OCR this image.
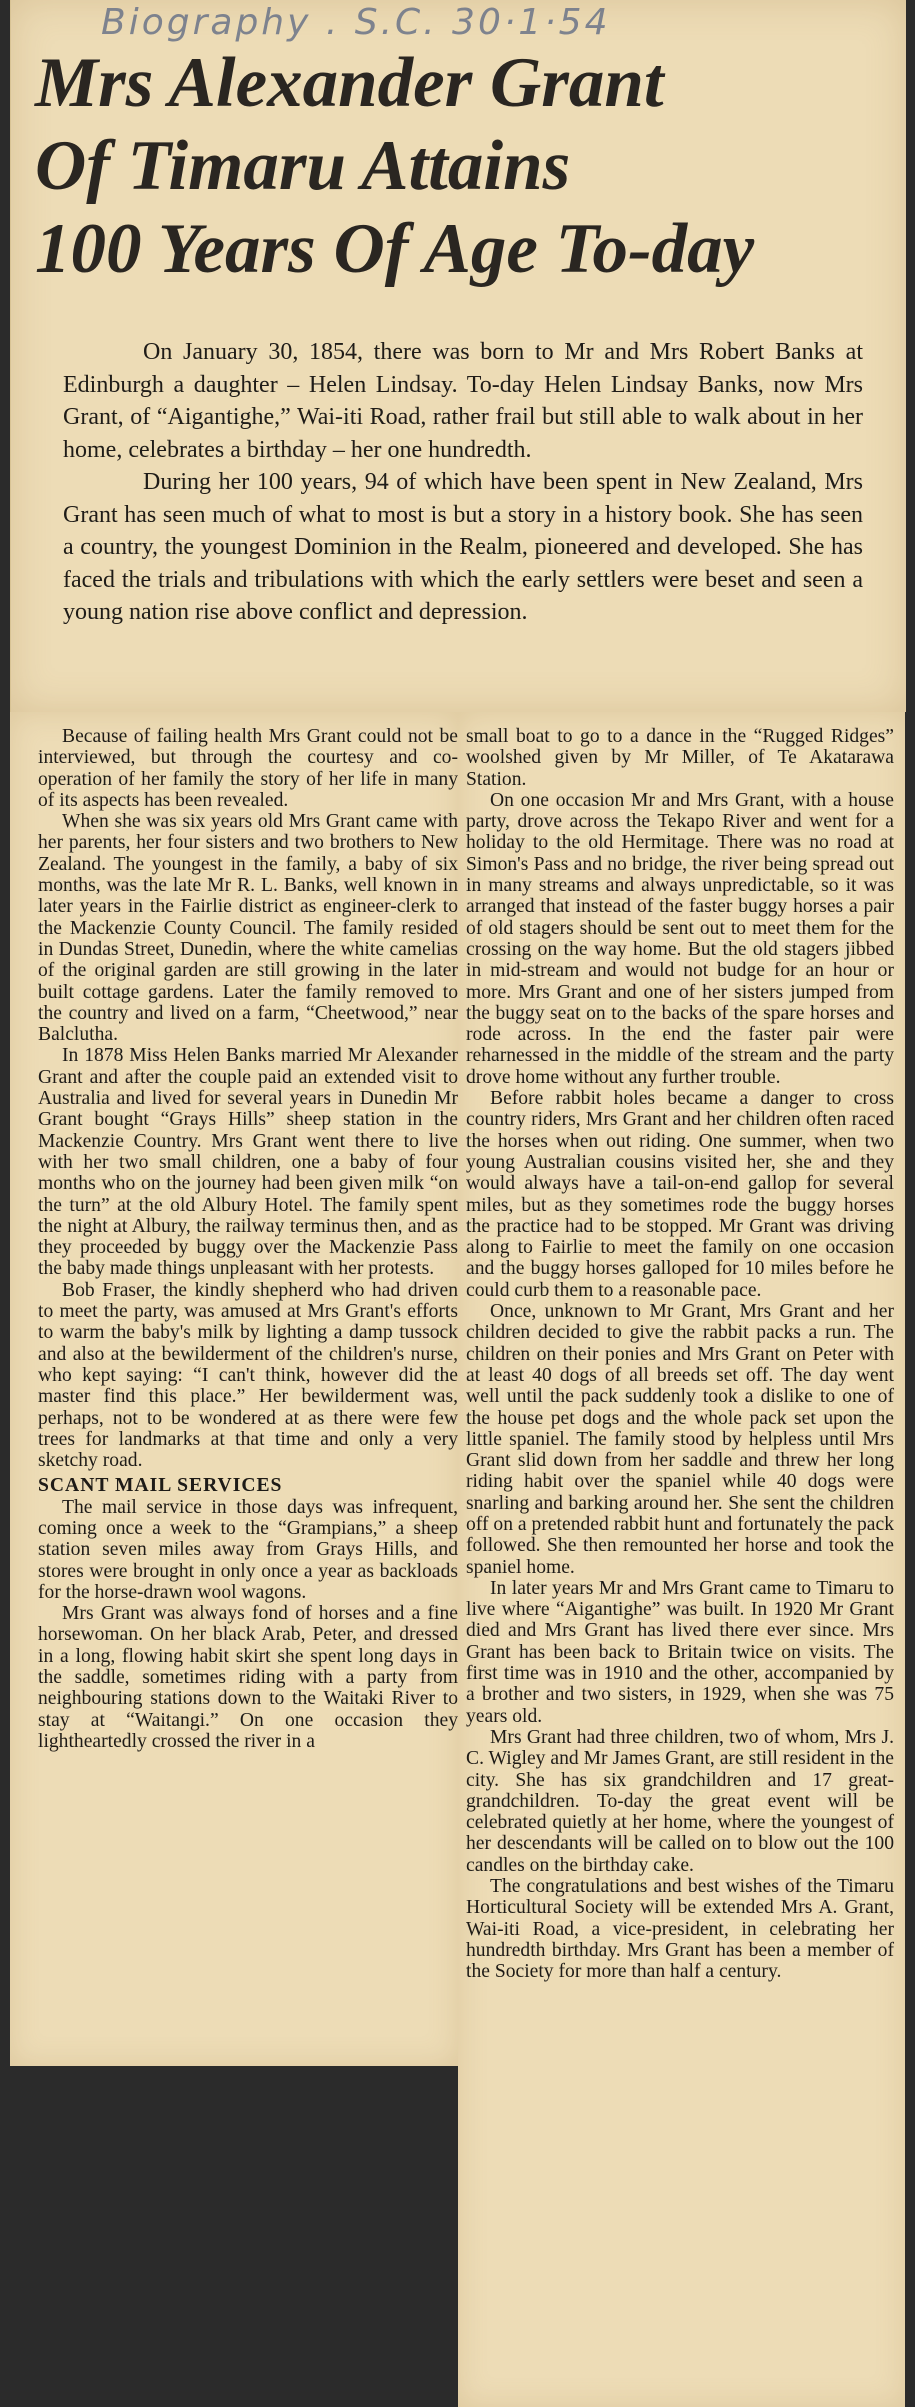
Biography . S.C. 30·1·54
Mrs Alexander Grant
Of Timaru Attains
100 Years Of Age To-day

On January 30, 1854, there was born to Mr and Mrs Robert Banks at Edinburgh a daughter – Helen Lindsay. To-day Helen Lindsay Banks, now Mrs Grant, of “Aigantighe,” Wai-iti Road, rather frail but still able to walk about in her home, celebrates a birthday – her one hundredth.

During her 100 years, 94 of which have been spent in New Zealand, Mrs Grant has seen much of what to most is but a story in a history book. She has seen a country, the youngest Dominion in the Realm, pioneered and developed. She has faced the trials and tribulations with which the early settlers were beset and seen a young nation rise above conflict and depression.

Because of failing health Mrs Grant could not be interviewed, but through the courtesy and co-operation of her family the story of her life in many of its aspects has been revealed.

When she was six years old Mrs Grant came with her parents, her four sisters and two brothers to New Zealand. The youngest in the family, a baby of six months, was the late Mr R. L. Banks, well known in later years in the Fairlie district as engineer-clerk to the Mackenzie County Council. The family resided in Dundas Street, Dunedin, where the white camelias of the original garden are still growing in the later built cottage gardens. Later the family removed to the country and lived on a farm, “Cheetwood,” near Balclutha.

In 1878 Miss Helen Banks married Mr Alexander Grant and after the couple paid an extended visit to Australia and lived for several years in Dunedin Mr Grant bought “Grays Hills” sheep station in the Mackenzie Country. Mrs Grant went there to live with her two small children, one a baby of four months who on the journey had been given milk “on the turn” at the old Albury Hotel. The family spent the night at Albury, the railway terminus then, and as they proceeded by buggy over the Mackenzie Pass the baby made things unpleasant with her protests.

Bob Fraser, the kindly shepherd who had driven to meet the party, was amused at Mrs Grant's efforts to warm the baby's milk by lighting a damp tussock and also at the bewilderment of the children's nurse, who kept saying: “I can't think, however did the master find this place.” Her bewilderment was, perhaps, not to be wondered at as there were few trees for landmarks at that time and only a very sketchy road.

SCANT MAIL SERVICES

The mail service in those days was infrequent, coming once a week to the “Grampians,” a sheep station seven miles away from Grays Hills, and stores were brought in only once a year as backloads for the horse-drawn wool wagons.

Mrs Grant was always fond of horses and a fine horsewoman. On her black Arab, Peter, and dressed in a long, flowing habit skirt she spent long days in the saddle, sometimes riding with a party from neighbouring stations down to the Waitaki River to stay at “Waitangi.” On one occasion they lightheartedly crossed the river in a

small boat to go to a dance in the “Rugged Ridges” woolshed given by Mr Miller, of Te Akatarawa Station.

On one occasion Mr and Mrs Grant, with a house party, drove across the Tekapo River and went for a holiday to the old Hermitage. There was no road at Simon's Pass and no bridge, the river being spread out in many streams and always unpredictable, so it was arranged that instead of the faster buggy horses a pair of old stagers should be sent out to meet them for the crossing on the way home. But the old stagers jibbed in mid-stream and would not budge for an hour or more. Mrs Grant and one of her sisters jumped from the buggy seat on to the backs of the spare horses and rode across. In the end the faster pair were reharnessed in the middle of the stream and the party drove home without any further trouble.

Before rabbit holes became a danger to cross country riders, Mrs Grant and her children often raced the horses when out riding. One summer, when two young Australian cousins visited her, she and they would always have a tail-on-end gallop for several miles, but as they sometimes rode the buggy horses the practice had to be stopped. Mr Grant was driving along to Fairlie to meet the family on one occasion and the buggy horses galloped for 10 miles before he could curb them to a reasonable pace.

Once, unknown to Mr Grant, Mrs Grant and her children decided to give the rabbit packs a run. The children on their ponies and Mrs Grant on Peter with at least 40 dogs of all breeds set off. The day went well until the pack suddenly took a dislike to one of the house pet dogs and the whole pack set upon the little spaniel. The family stood by helpless until Mrs Grant slid down from her saddle and threw her long riding habit over the spaniel while 40 dogs were snarling and barking around her. She sent the children off on a pretended rabbit hunt and fortunately the pack followed. She then remounted her horse and took the spaniel home.

In later years Mr and Mrs Grant came to Timaru to live where “Aigantighe” was built. In 1920 Mr Grant died and Mrs Grant has lived there ever since. Mrs Grant has been back to Britain twice on visits. The first time was in 1910 and the other, accompanied by a brother and two sisters, in 1929, when she was 75 years old.

Mrs Grant had three children, two of whom, Mrs J. C. Wigley and Mr James Grant, are still resident in the city. She has six grandchildren and 17 great-grandchildren. To-day the great event will be celebrated quietly at her home, where the youngest of her descendants will be called on to blow out the 100 candles on the birthday cake.

The congratulations and best wishes of the Timaru Horticultural Society will be extended Mrs A. Grant, Wai-iti Road, a vice-president, in celebrating her hundredth birthday. Mrs Grant has been a member of the Society for more than half a century.
